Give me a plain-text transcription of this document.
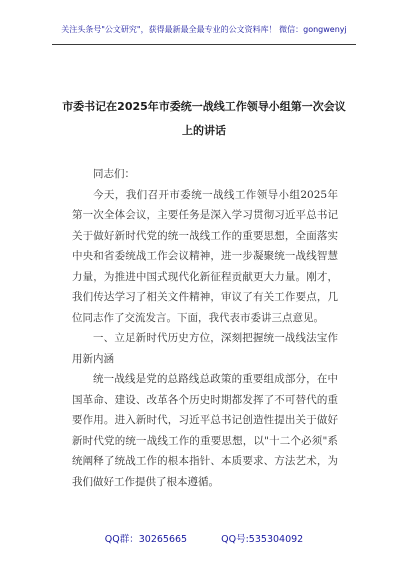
关注头条号"公文研究"，获得最新最全最专业的公文资料库！ 微信：gongwenyj
市委书记在2025年市委统一战线工作领导小组第一次会议
上的讲话

同志们：

今天，我们召开市委统一战线工作领导小组2025年第一次全体会议，主要任务是深入学习贯彻习近平总书记关于做好新时代党的统一战线工作的重要思想，全面落实中央和省委统战工作会议精神，进一步凝聚统一战线智慧力量，为推进中国式现代化新征程贡献更大力量。刚才，我们传达学习了相关文件精神，审议了有关工作要点，几位同志作了交流发言。下面，我代表市委讲三点意见。

一、立足新时代历史方位，深刻把握统一战线法宝作用新内涵

统一战线是党的总路线总政策的重要组成部分，在中国革命、建设、改革各个历史时期都发挥了不可替代的重要作用。进入新时代，习近平总书记创造性提出关于做好新时代党的统一战线工作的重要思想，以"十二个必须"系统阐释了统战工作的根本指针、本质要求、方法艺术，为我们做好工作提供了根本遵循。

QQ群：30265665	QQ号:535304092
